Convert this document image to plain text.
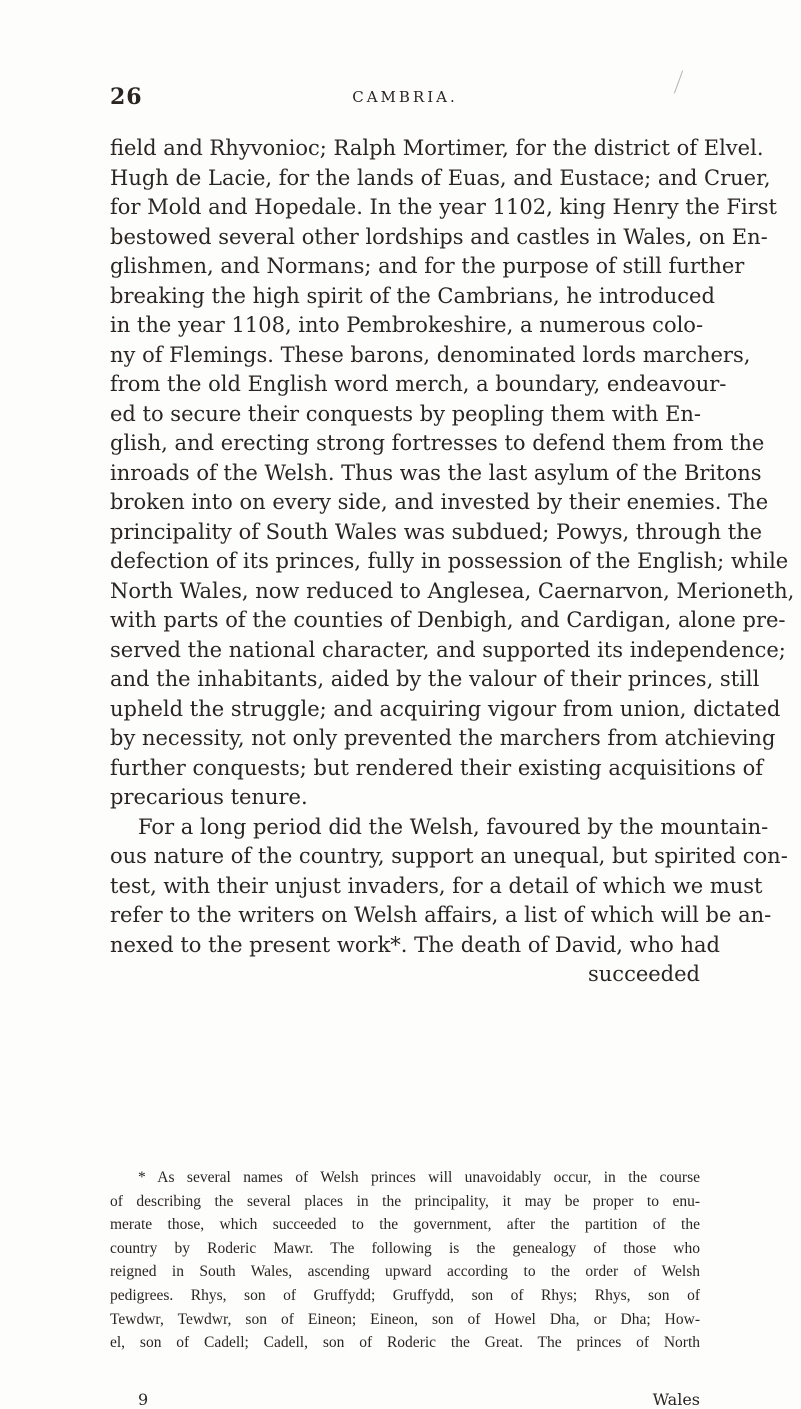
26	CAMBRIA.
field and Rhyvonioc; Ralph Mortimer, for the district of Elvel.
Hugh de Lacie, for the lands of Euas, and Eustace; and Cruer,
for Mold and Hopedale. In the year 1102, king Henry the First
bestowed several other lordships and castles in Wales, on En-
glishmen, and Normans; and for the purpose of still further
breaking the high spirit of the Cambrians, he introduced
in the year 1108, into Pembrokeshire, a numerous colo-
ny of Flemings. These barons, denominated lords marchers,
from the old English word merch, a boundary, endeavour-
ed to secure their conquests by peopling them with En-
glish, and erecting strong fortresses to defend them from the
inroads of the Welsh. Thus was the last asylum of the Britons
broken into on every side, and invested by their enemies. The
principality of South Wales was subdued; Powys, through the
defection of its princes, fully in possession of the English; while
North Wales, now reduced to Anglesea, Caernarvon, Merioneth,
with parts of the counties of Denbigh, and Cardigan, alone pre-
served the national character, and supported its independence;
and the inhabitants, aided by the valour of their princes, still
upheld the struggle; and acquiring vigour from union, dictated
by necessity, not only prevented the marchers from atchieving
further conquests; but rendered their existing acquisitions of
precarious tenure.
For a long period did the Welsh, favoured by the mountain-
ous nature of the country, support an unequal, but spirited con-
test, with their unjust invaders, for a detail of which we must
refer to the writers on Welsh affairs, a list of which will be an-
nexed to the present work*. The death of David, who had
succeeded
* As several names of Welsh princes will unavoidably occur, in the course
of describing the several places in the principality, it may be proper to enu-
merate those, which succeeded to the government, after the partition of the
country by Roderic Mawr. The following is the genealogy of those who
reigned in South Wales, ascending upward according to the order of Welsh
pedigrees. Rhys, son of Gruffydd; Gruffydd, son of Rhys; Rhys, son of
Tewdwr, Tewdwr, son of Eineon; Eineon, son of Howel Dha, or Dha; How-
el, son of Cadell; Cadell, son of Roderic the Great. The princes of North
9	Wales
